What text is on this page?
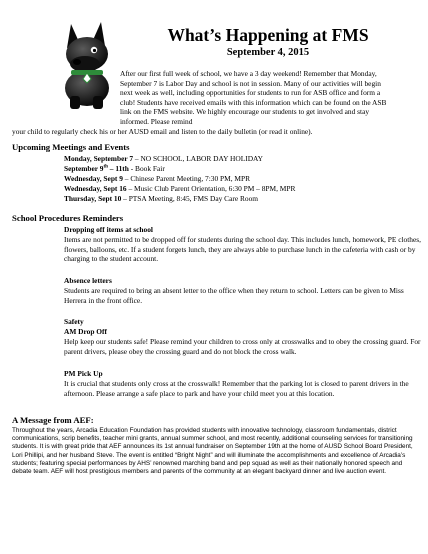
What’s Happening at FMS
September 4, 2015
After our first full week of school, we have a 3 day weekend! Remember that Monday, September 7 is Labor Day and school is not in session. Many of our activities will begin next week as well, including opportunities for students to run for ASB office and form a club! Students have received emails with this information which can be found on the ASB link on the FMS website. We highly encourage our students to get involved and stay informed. Please remind
your child to regularly check his or her AUSD email and listen to the daily bulletin (or read it online).
Upcoming Meetings and Events
Monday, September 7 – NO SCHOOL, LABOR DAY HOLIDAY
September 9th – 11th - Book Fair
Wednesday, Sept 9 – Chinese Parent Meeting, 7:30 PM, MPR
Wednesday, Sept 16 – Music Club Parent Orientation, 6:30 PM – 8PM, MPR
Thursday, Sept 10 – PTSA Meeting, 8:45, FMS Day Care Room
School Procedures Reminders
Dropping off items at school
Items are not permitted to be dropped off for students during the school day. This includes lunch, homework, PE clothes, flowers, balloons, etc. If a student forgets lunch, they are always able to purchase lunch in the cafeteria with cash or by charging to the student account.
Absence letters
Students are required to bring an absent letter to the office when they return to school. Letters can be given to Miss Herrera in the front office.
Safety
AM Drop Off
Help keep our students safe! Please remind your children to cross only at crosswalks and to obey the crossing guard. For parent drivers, please obey the crossing guard and do not block the cross walk.
PM Pick Up
It is crucial that students only cross at the crosswalk! Remember that the parking lot is closed to parent drivers in the afternoon. Please arrange a safe place to park and have your child meet you at this location.
A Message from AEF:
Throughout the years, Arcadia Education Foundation has provided students with innovative technology, classroom fundamentals, district communications, scrip benefits, teacher mini grants, annual summer school, and most recently, additional counseling services for transitioning students. It is with great pride that AEF announces its 1st annual fundraiser on September 19th at the home of AUSD School Board President, Lori Phillipi, and her husband Steve. The event is entitled “Bright Night” and will illuminate the accomplishments and excellence of Arcadia’s students; featuring special performances by AHS’ renowned marching band and pep squad as well as their nationally honored speech and debate team. AEF will host prestigious members and parents of the community at an elegant backyard dinner and live auction event.
